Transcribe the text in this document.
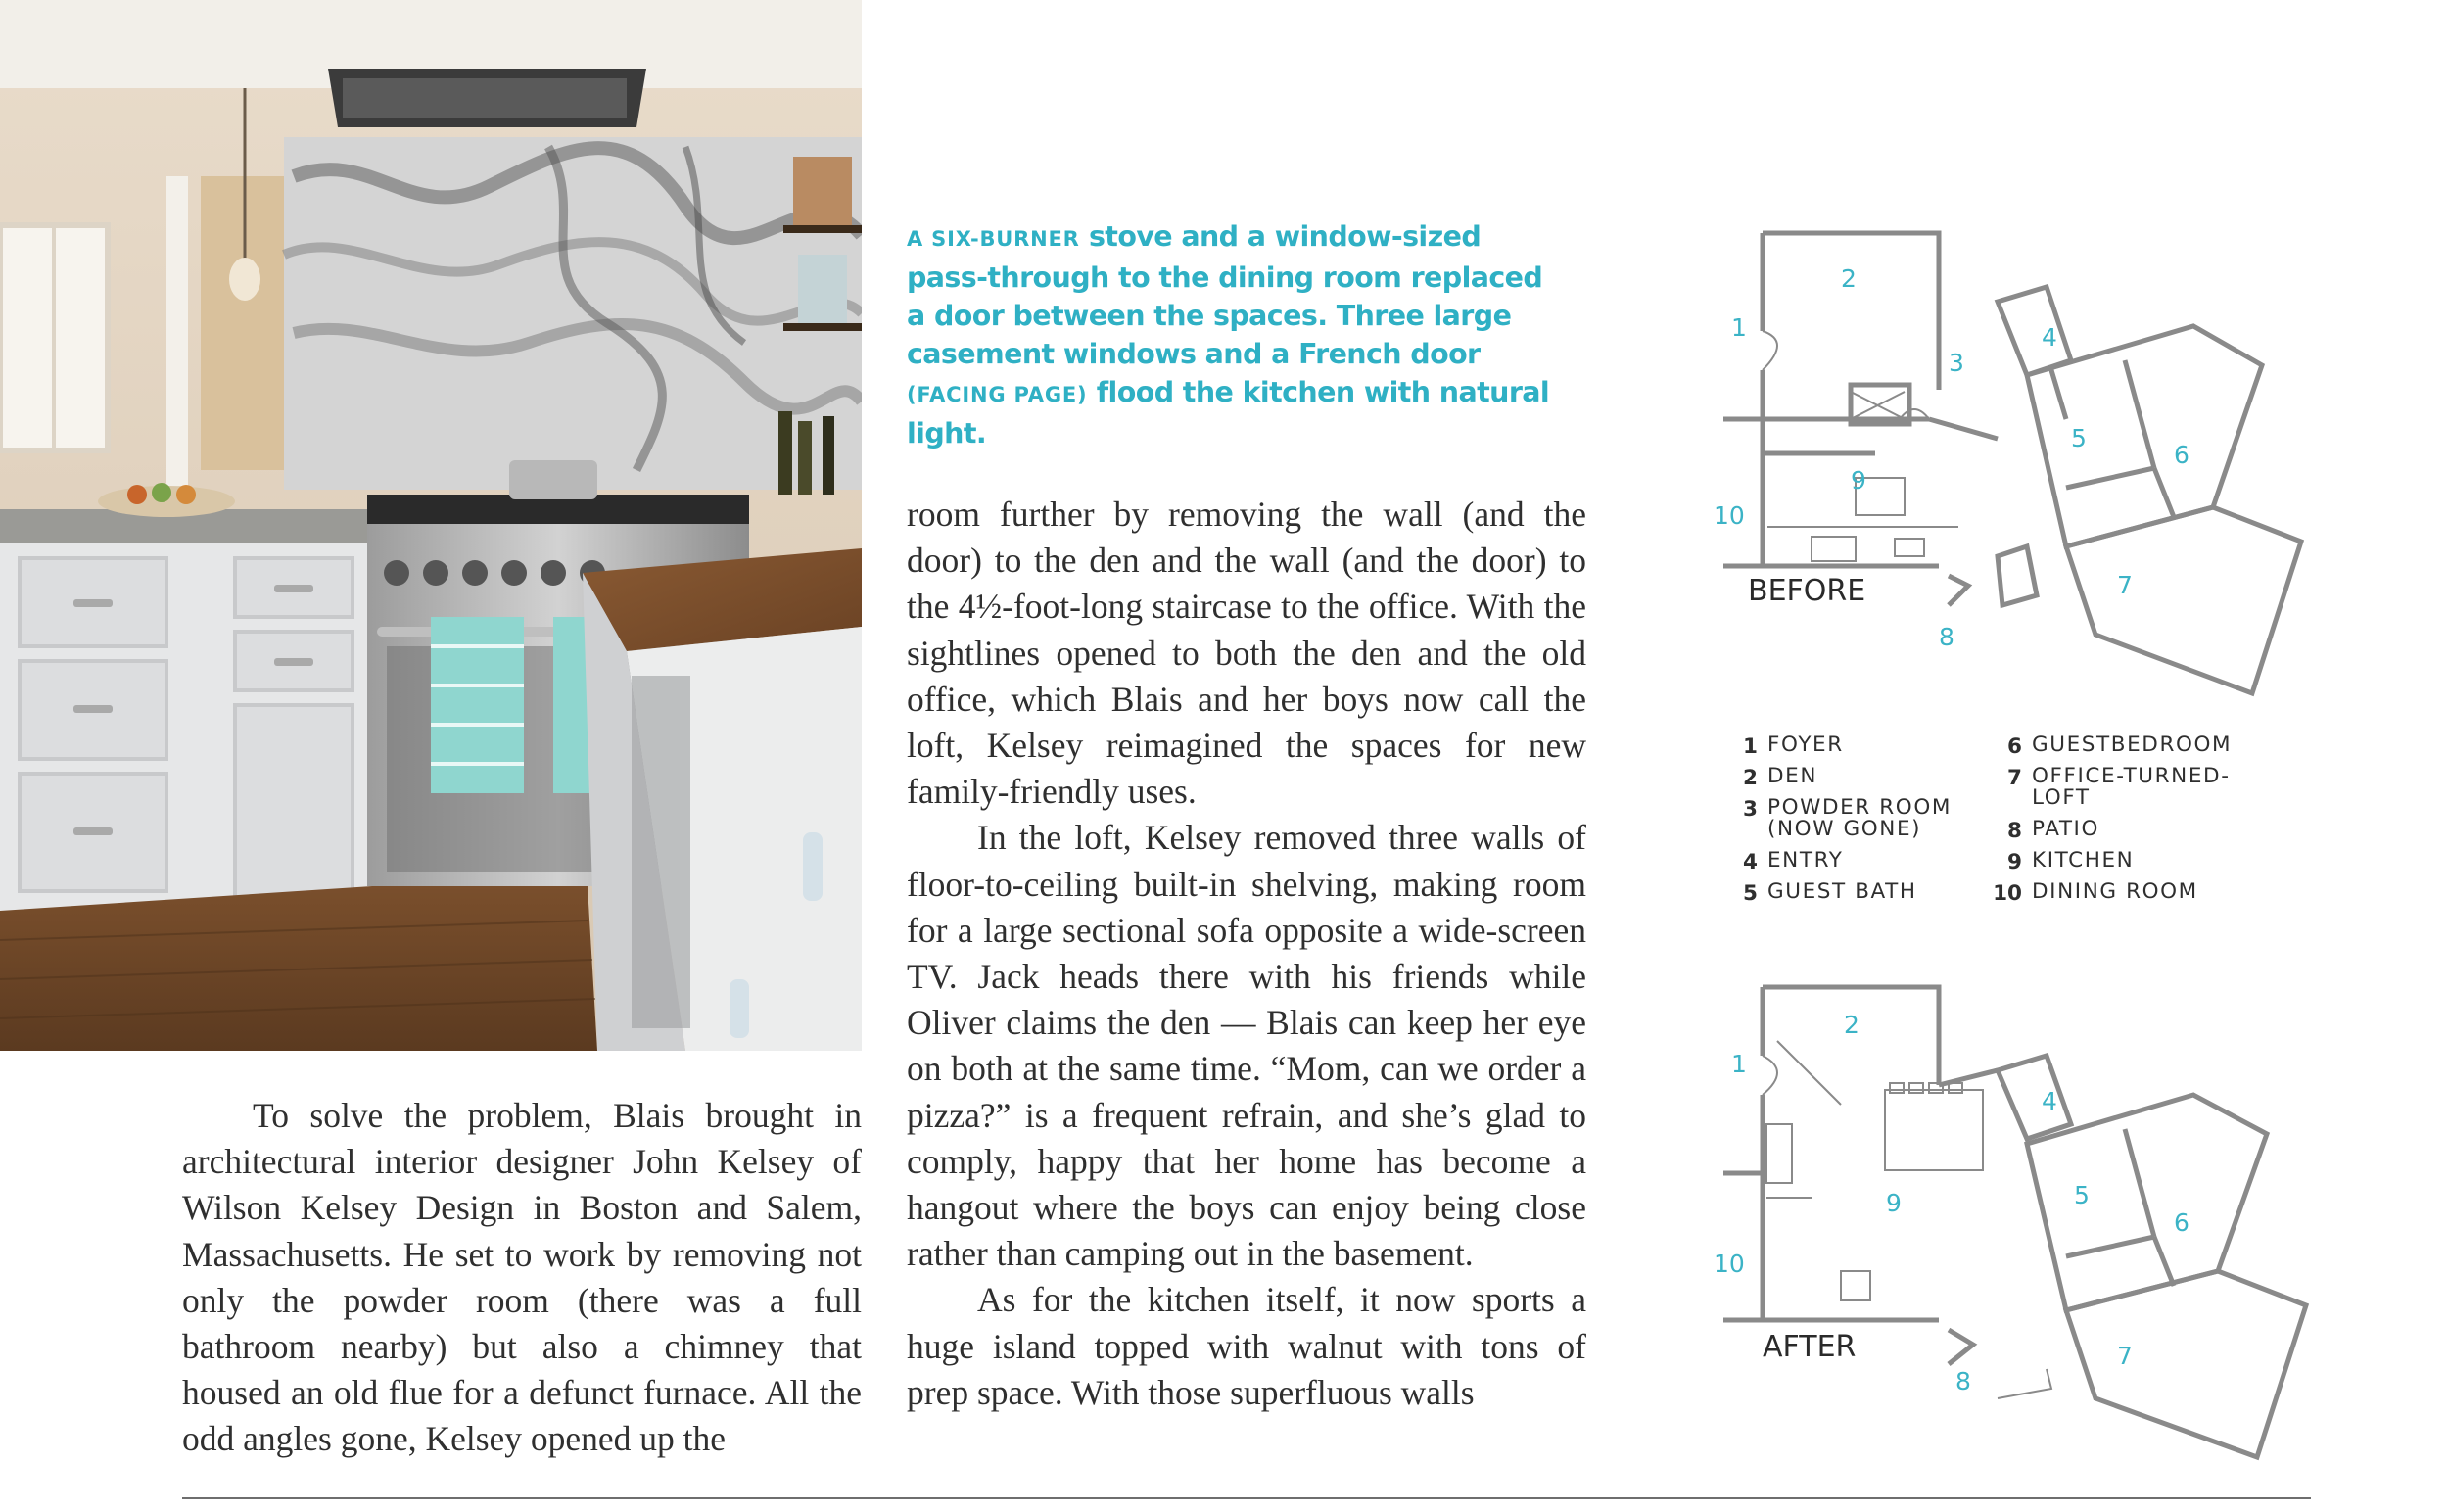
A SIX-BURNER stove and a window-sized pass-through to the dining room replaced a door between the spaces. Three large casement windows and a French door (FACING PAGE) flood the kitchen with natural light.

To solve the problem, Blais brought in architectural interior designer John Kelsey of Wilson Kelsey Design in Boston and Salem, Massachusetts. He set to work by removing not only the powder room (there was a full bathroom nearby) but also a chimney that housed an old flue for a defunct furnace. All the odd angles gone, Kelsey opened up the

room further by removing the wall (and the door) to the den and the wall (and the door) to the 4½-foot-long staircase to the office. With the sightlines opened to both the den and the old office, which Blais and her boys now call the loft, Kelsey reimagined the spaces for new family-friendly uses.

In the loft, Kelsey removed three walls of floor-to-ceiling built-in shelving, making room for a large sectional sofa opposite a wide-screen TV. Jack heads there with his friends while Oliver claims the den — Blais can keep her eye on both at the same time. “Mom, can we order a pizza?” is a frequent refrain, and she’s glad to comply, happy that her home has become a hangout where the boys can enjoy being close rather than camping out in the basement.

As for the kitchen itself, it now sports a huge island topped with walnut with tons of prep space. With those superfluous walls

1
2
3
4
5
6
7
8
9
10
BEFORE
1 FOYER
2 DEN
3 POWDER ROOM
(NOW GONE)
4 ENTRY
5 GUEST BATH
6 GUESTBEDROOM
7 OFFICE-TURNED-
LOFT
8 PATIO
9 KITCHEN
10 DINING ROOM
1
2
4
5
6
7
8
9
10
AFTER
